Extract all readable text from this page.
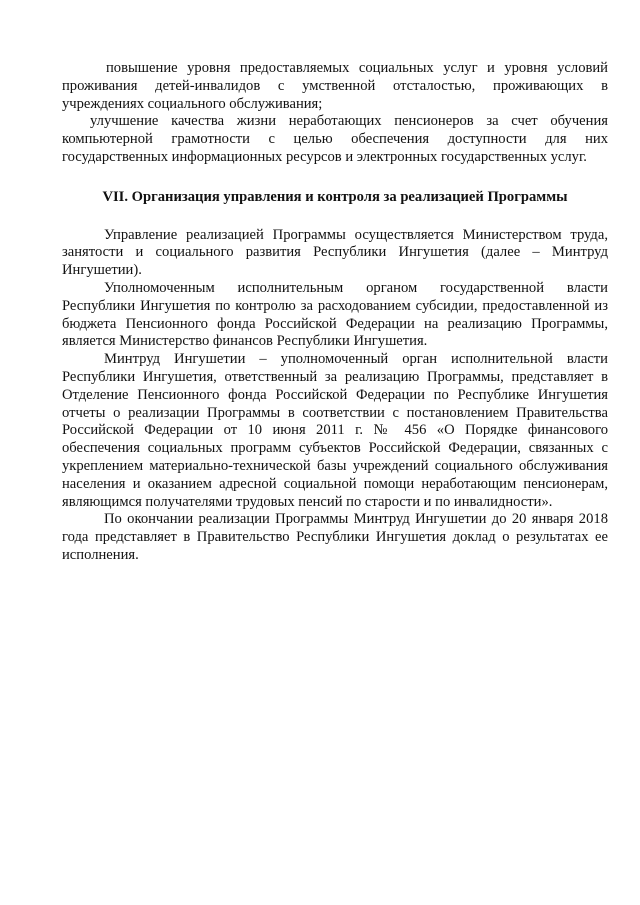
повышение уровня предоставляемых социальных услуг и уровня условий проживания детей-инвалидов с умственной отсталостью, проживающих в учреждениях социального обслуживания;

улучшение качества жизни неработающих пенсионеров за счет обучения компьютерной грамотности с целью обеспечения доступности для них государственных информационных ресурсов и электронных государственных услуг.

VII. Организация управления и контроля за реализацией Программы

Управление реализацией Программы осуществляется Министерством труда, занятости и социального развития Республики Ингушетия (далее – Минтруд Ингушетии).

Уполномоченным исполнительным органом государственной власти Республики Ингушетия по контролю за расходованием субсидии, предоставленной из бюджета Пенсионного фонда Российской Федерации на реализацию Программы, является Министерство финансов Республики Ингушетия.

Минтруд Ингушетии – уполномоченный орган исполнительной власти Республики Ингушетия, ответственный за реализацию Программы, представляет в Отделение Пенсионного фонда Российской Федерации по Республике Ингушетия отчеты о реализации Программы в соответствии с постановлением Правительства Российской Федерации от 10 июня 2011 г. № 456 «О Порядке финансового обеспечения социальных программ субъектов Российской Федерации, связанных с укреплением материально-технической базы учреждений социального обслуживания населения и оказанием адресной социальной помощи неработающим пенсионерам, являющимся получателями трудовых пенсий по старости и по инвалидности».

По окончании реализации Программы Минтруд Ингушетии до 20 января 2018 года представляет в Правительство Республики Ингушетия доклад о результатах ее исполнения.
